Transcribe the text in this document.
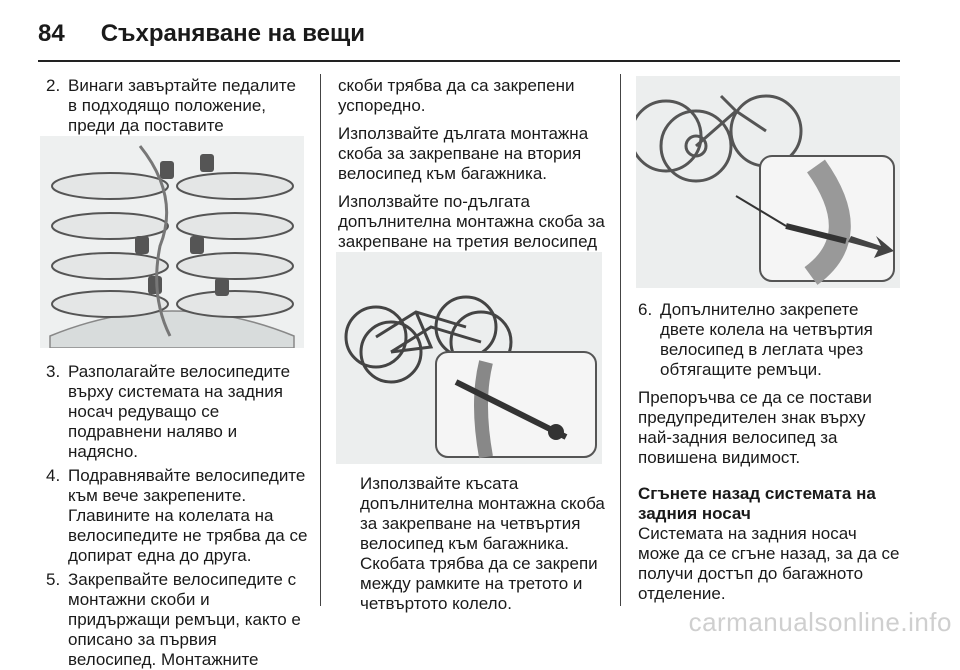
84 Съхраняване на вещи
2. Винаги завъртайте педалите в подходящо положение, преди да поставите
3. Разполагайте велосипедите върху системата на задния носач редуващо се подравнени наляво и надясно.
4. Подравнявайте велосипедите към вече закрепените. Главините на колелата на велосипедите не трябва да се допират една до друга.
5. Закрепвайте велосипедите с монтажни скоби и придържащи ремъци, както е описано за първия велосипед. Монтажните

скоби трябва да са закрепени успоредно.

Използвайте дългата монтажна скоба за закрепване на втория велосипед към багажника.

Използвайте по-дългата допълнителна монтажна скоба за закрепване на третия велосипед

Използвайте късата допълнителна монтажна скоба за закрепване на четвъртия велосипед към багажника. Скобата трябва да се закрепи между рамките на третото и четвъртото колело.

6. Допълнително закрепете двете колела на четвъртия велосипед в леглата чрез обтягащите ремъци.

Препоръчва се да се постави предупредителен знак върху най-задния велосипед за повишена видимост.

Сгънете назад системата на задния носач

Системата на задния носач може да се сгъне назад, за да се получи достъп до багажното отделение.

carmanualsonline.info
